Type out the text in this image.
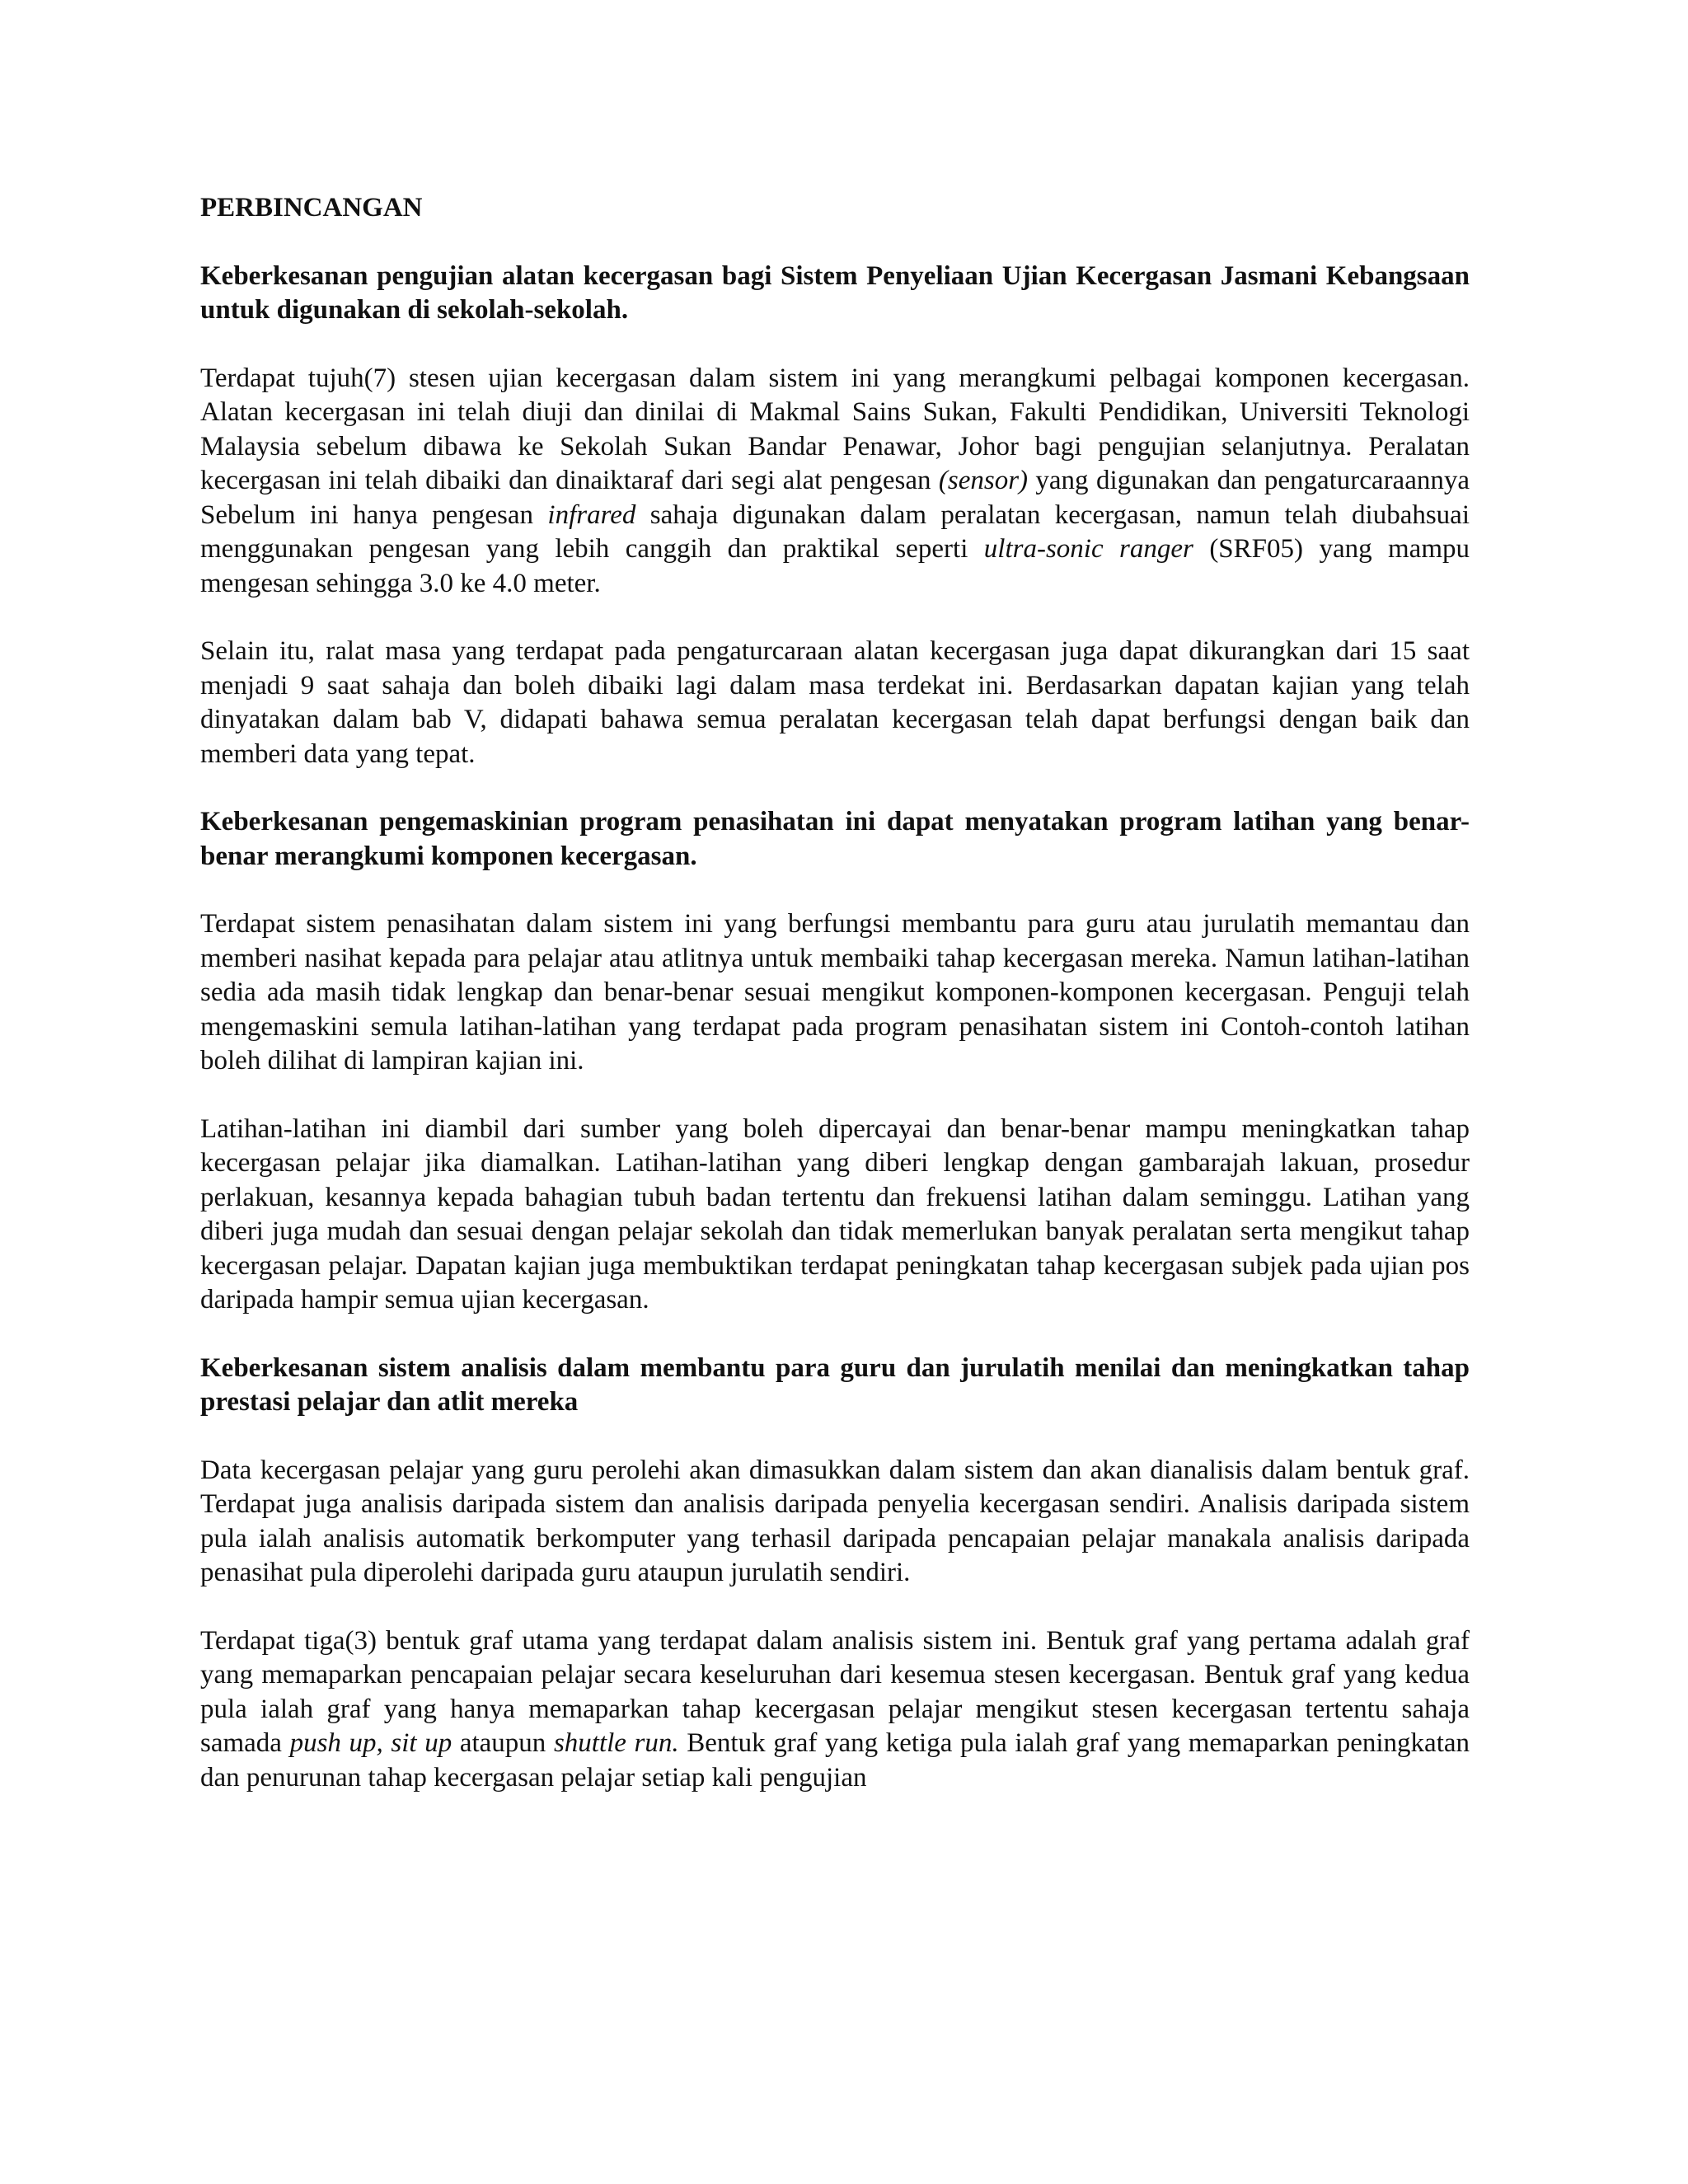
PERBINCANGAN
Keberkesanan pengujian alatan kecergasan bagi Sistem Penyeliaan Ujian Kecergasan Jasmani Kebangsaan untuk digunakan di sekolah-sekolah.
Terdapat tujuh(7) stesen ujian kecergasan dalam sistem ini yang merangkumi pelbagai komponen kecergasan. Alatan kecergasan ini telah diuji dan dinilai di Makmal Sains Sukan, Fakulti Pendidikan, Universiti Teknologi Malaysia sebelum dibawa ke Sekolah Sukan Bandar Penawar, Johor bagi pengujian selanjutnya. Peralatan kecergasan ini telah dibaiki dan dinaiktaraf dari segi alat pengesan (sensor) yang digunakan dan pengaturcaraannya Sebelum ini hanya pengesan infrared sahaja digunakan dalam peralatan kecergasan, namun telah diubahsuai menggunakan pengesan yang lebih canggih dan praktikal seperti ultra-sonic ranger (SRF05) yang mampu mengesan sehingga 3.0 ke 4.0 meter.
Selain itu, ralat masa yang terdapat pada pengaturcaraan alatan kecergasan juga dapat dikurangkan dari 15 saat menjadi 9 saat sahaja dan boleh dibaiki lagi dalam masa terdekat ini. Berdasarkan dapatan kajian yang telah dinyatakan dalam bab V, didapati bahawa semua peralatan kecergasan telah dapat berfungsi dengan baik dan memberi data yang tepat.
Keberkesanan pengemaskinian program penasihatan ini dapat menyatakan program latihan yang benar-benar merangkumi komponen kecergasan.
Terdapat sistem penasihatan dalam sistem ini yang berfungsi membantu para guru atau jurulatih memantau dan memberi nasihat kepada para pelajar atau atlitnya untuk membaiki tahap kecergasan mereka. Namun latihan-latihan sedia ada masih tidak lengkap dan benar-benar sesuai mengikut komponen-komponen kecergasan. Penguji telah mengemaskini semula latihan-latihan yang terdapat pada program penasihatan sistem ini Contoh-contoh latihan boleh dilihat di lampiran kajian ini.
Latihan-latihan ini diambil dari sumber yang boleh dipercayai dan benar-benar mampu meningkatkan tahap kecergasan pelajar jika diamalkan. Latihan-latihan yang diberi lengkap dengan gambarajah lakuan, prosedur perlakuan, kesannya kepada bahagian tubuh badan tertentu dan frekuensi latihan dalam seminggu. Latihan yang diberi juga mudah dan sesuai dengan pelajar sekolah dan tidak memerlukan banyak peralatan serta mengikut tahap kecergasan pelajar. Dapatan kajian juga membuktikan terdapat peningkatan tahap kecergasan subjek pada ujian pos daripada hampir semua ujian kecergasan.
Keberkesanan sistem analisis dalam membantu para guru dan jurulatih menilai dan meningkatkan tahap prestasi pelajar dan atlit mereka
Data kecergasan pelajar yang guru perolehi akan dimasukkan dalam sistem dan akan dianalisis dalam bentuk graf. Terdapat juga analisis daripada sistem dan analisis daripada penyelia kecergasan sendiri. Analisis daripada sistem pula ialah analisis automatik berkomputer yang terhasil daripada pencapaian pelajar manakala analisis daripada penasihat pula diperolehi daripada guru ataupun jurulatih sendiri.
Terdapat tiga(3) bentuk graf utama yang terdapat dalam analisis sistem ini. Bentuk graf yang pertama adalah graf yang memaparkan pencapaian pelajar secara keseluruhan dari kesemua stesen kecergasan. Bentuk graf yang kedua pula ialah graf yang hanya memaparkan tahap kecergasan pelajar mengikut stesen kecergasan tertentu sahaja samada push up, sit up ataupun shuttle run. Bentuk graf yang ketiga pula ialah graf yang memaparkan peningkatan dan penurunan tahap kecergasan pelajar setiap kali pengujian
